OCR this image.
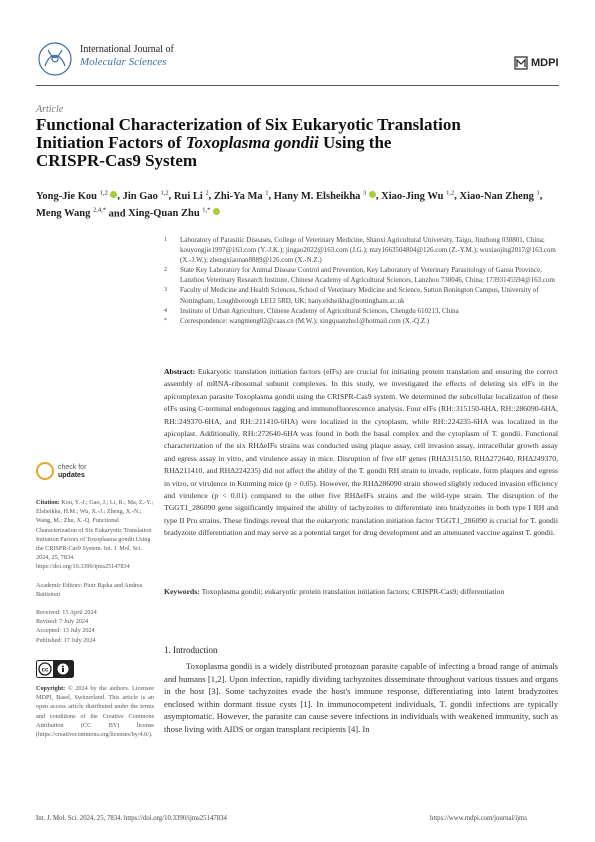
International Journal of
Molecular Sciences	MDPI
Article
Functional Characterization of Six Eukaryotic Translation
Initiation Factors of Toxoplasma gondii Using the
CRISPR-Cas9 System
Yong-Jie Kou $^{1,2}$ , Jin Gao $^{1,2}$, Rui Li $^2$, Zhi-Ya Ma $^1$, Hany M. Elsheikha $^3$ , Xiao-Jing Wu $^{1,2}$, Xiao-Nan Zheng $^1$, Meng Wang $^{2,4,*}$ and Xing-Quan Zhu $^{1,*}$
1 Laboratory of Parasitic Diseases, College of Veterinary Medicine, Shanxi Agricultural University, Taigu, Jinzhong 030801, China; kouyongjie1997@163.com (Y.-J.K.); jingao2022@163.com (J.G.); mzy1663504804@126.com (Z.-Y.M.); wuxiaojing2017@163.com (X.-J.W.); zhengxiaonan8889@126.com (X.-N.Z.)
2 State Key Laboratory for Animal Disease Control and Prevention, Key Laboratory of Veterinary Parasitology of Gansu Province, Lanzhou Veterinary Research Institute, Chinese Academy of Agricultural Sciences, Lanzhou 730046, China; 17393145594@163.com
3 Faculty of Medicine and Health Sciences, School of Veterinary Medicine and Science, Sutton Bonington Campus, University of Nottingham, Loughborough LE12 5RD, UK; hany.elsheikha@nottingham.ac.uk
4 Institute of Urban Agriculture, Chinese Academy of Agricultural Sciences, Chengdu 610213, China
* Correspondence: wangmeng02@caas.cn (M.W.); xingquanzhu1@hotmail.com (X.-Q.Z.)
Abstract: Eukaryotic translation initiation factors (eIFs) are crucial for initiating protein translation and ensuring the correct assembly of mRNA-ribosomal subunit complexes. In this study, we investigated the effects of deleting six eIFs in the apicomplexan parasite Toxoplasma gondii using the CRISPR-Cas9 system. We determined the subcellular localization of these eIFs using C-terminal endogenous tagging and immunofluorescence analysis. Four eIFs (RH::315150-6HA, RH::286090-6HA, RH::249370-6HA, and RH::211410-6HA) were localized in the cytoplasm, while RH::224235-6HA was localized in the apicoplast. Additionally, RH::272640-6HA was found in both the basal complex and the cytoplasm of T. gondii. Functional characterization of the six RHΔeIFs strains was conducted using plaque assay, cell invasion assay, intracellular growth assay and egress assay in vitro, and virulence assay in mice. Disruption of five eIF genes (RHΔ315150, RHΔ272640, RHΔ249370, RHΔ211410, and RHΔ224235) did not affect the ability of the T. gondii RH strain to invade, replicate, form plaques and egress in vitro, or virulence in Kunming mice (p > 0.05). However, the RHΔ286090 strain showed slightly reduced invasion efficiency and virulence (p < 0.01) compared to the other five RHΔeIFs strains and the wild-type strain. The disruption of the TGGT1_286090 gene significantly impaired the ability of tachyzoites to differentiate into bradyzoites in both type I RH and type II Pru strains. These findings reveal that the eukaryotic translation initiation factor TGGT1_286090 is crucial for T. gondii bradyzoite differentiation and may serve as a potential target for drug development and an attenuated vaccine against T. gondii.
Keywords: Toxoplasma gondii; eukaryotic protein translation initiation factors; CRISPR-Cas9; differentiation
check for
updates

Citation: Kou, Y.-J.; Gao, J.; Li, R.; Ma, Z.-Y.; Elsheikha, H.M.; Wu, X.-J.; Zheng, X.-N.; Wang, M.; Zhu, X.-Q. Functional Characterization of Six Eukaryotic Translation Initiation Factors of Toxoplasma gondii Using the CRISPR-Cas9 System. Int. J. Mol. Sci. 2024, 25, 7834. https://doi.org/10.3390/ijms25147834

Academic Editors: Piotr Bąska and Andrea Battistoni

Received: 15 April 2024
Revised: 7 July 2024
Accepted: 13 July 2024
Published: 17 July 2024

cc
Copyright: © 2024 by the authors. Licensee MDPI, Basel, Switzerland. This article is an open access article distributed under the terms and conditions of the Creative Commons Attribution (CC BY) license (https://creativecommons.org/licenses/by/4.0/).
1. Introduction
Toxoplasma gondii is a widely distributed protozoan parasite capable of infecting a broad range of animals and humans [1,2]. Upon infection, rapidly dividing tachyzoites disseminate throughout various tissues and organs in the host [3]. Some tachyzoites evade the host's immune response, differentiating into latent bradyzoites enclosed within dormant tissue cysts [1]. In immunocompetent individuals, T. gondii infections are typically asymptomatic. However, the parasite can cause severe infections in individuals with weakened immunity, such as those living with AIDS or organ transplant recipients [4]. In
Int. J. Mol. Sci. 2024, 25, 7834. https://doi.org/10.3390/ijms25147834	https://www.mdpi.com/journal/ijms
